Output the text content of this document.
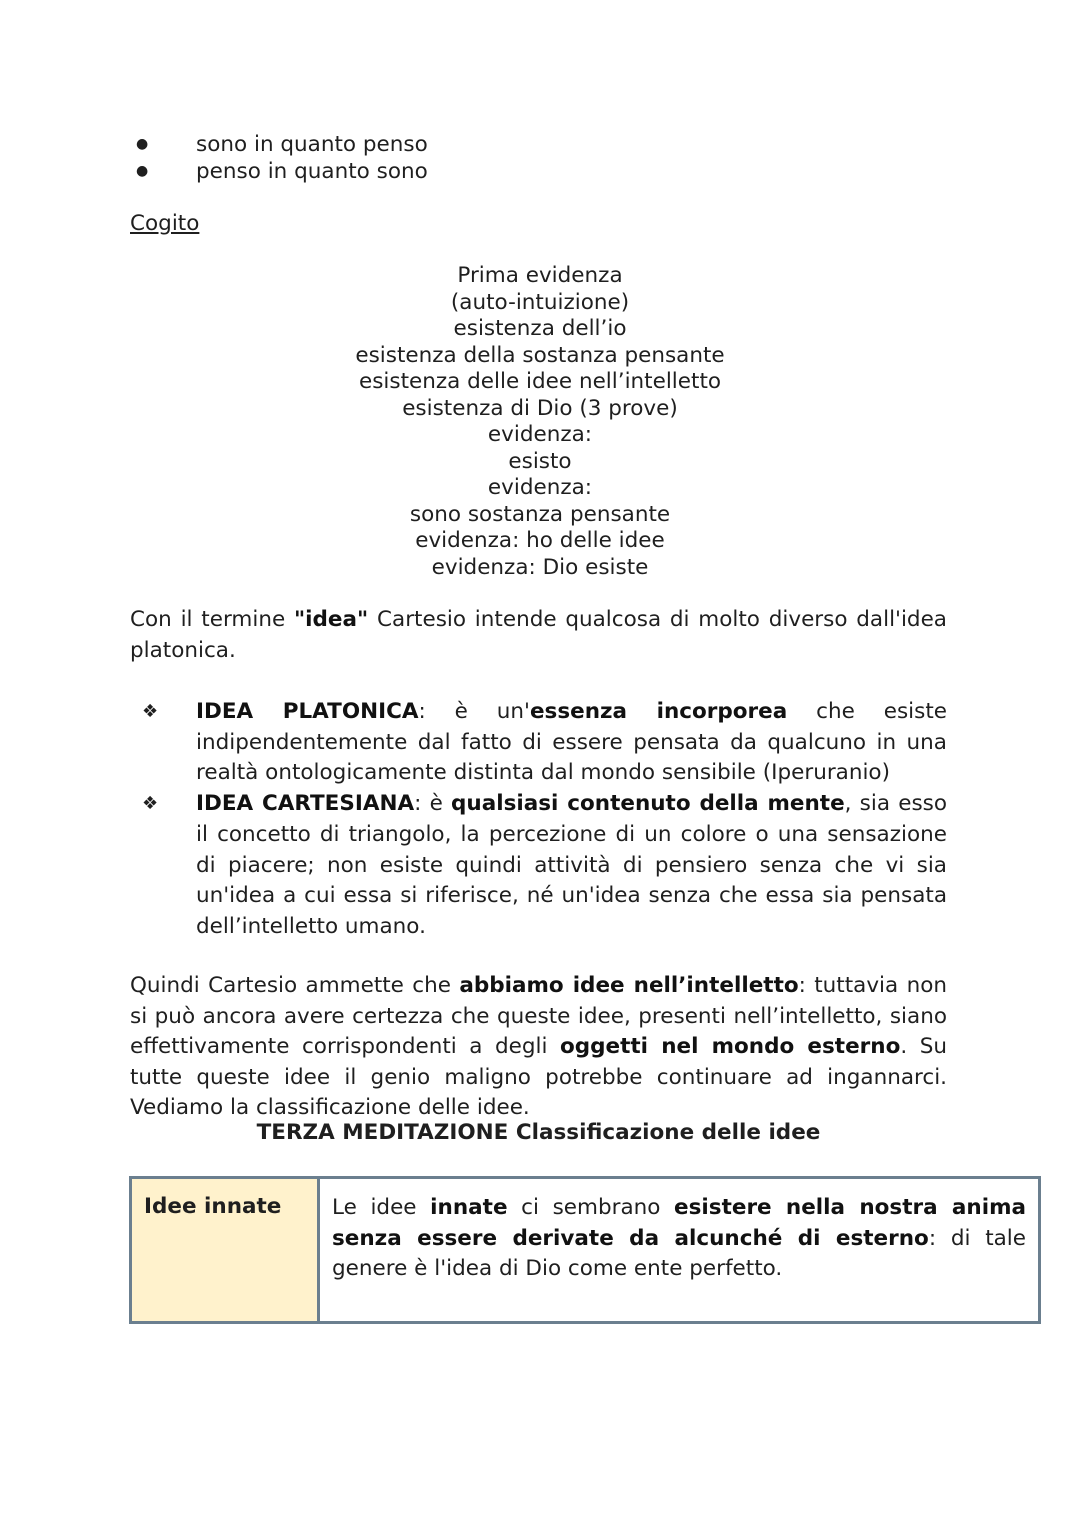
● sono in quanto penso
● penso in quanto sono
Cogito
Prima evidenza
(auto-intuizione)
esistenza dell’io
esistenza della sostanza pensante
esistenza delle idee nell’intelletto
esistenza di Dio (3 prove)
evidenza:
esisto
evidenza:
sono sostanza pensante
evidenza: ho delle idee
evidenza: Dio esiste
Con il termine "idea" Cartesio intende qualcosa di molto diverso dall'idea platonica.
❖ IDEA PLATONICA: è un'essenza incorporea che esiste indipendentemente dal fatto di essere pensata da qualcuno in una realtà ontologicamente distinta dal mondo sensibile (Iperuranio)
❖ IDEA CARTESIANA: è qualsiasi contenuto della mente, sia esso il concetto di triangolo, la percezione di un colore o una sensazione di piacere; non esiste quindi attività di pensiero senza che vi sia un'idea a cui essa si riferisce, né un'idea senza che essa sia pensata dell’intelletto umano.
Quindi Cartesio ammette che abbiamo idee nell’intelletto: tuttavia non si può ancora avere certezza che queste idee, presenti nell’intelletto, siano effettivamente corrispondenti a degli oggetti nel mondo esterno. Su tutte queste idee il genio maligno potrebbe continuare ad ingannarci. Vediamo la classificazione delle idee.
TERZA MEDITAZIONE Classificazione delle idee
Idee innate	Le idee innate ci sembrano esistere nella nostra anima senza essere derivate da alcunché di esterno: di tale genere è l'idea di Dio come ente perfetto.
